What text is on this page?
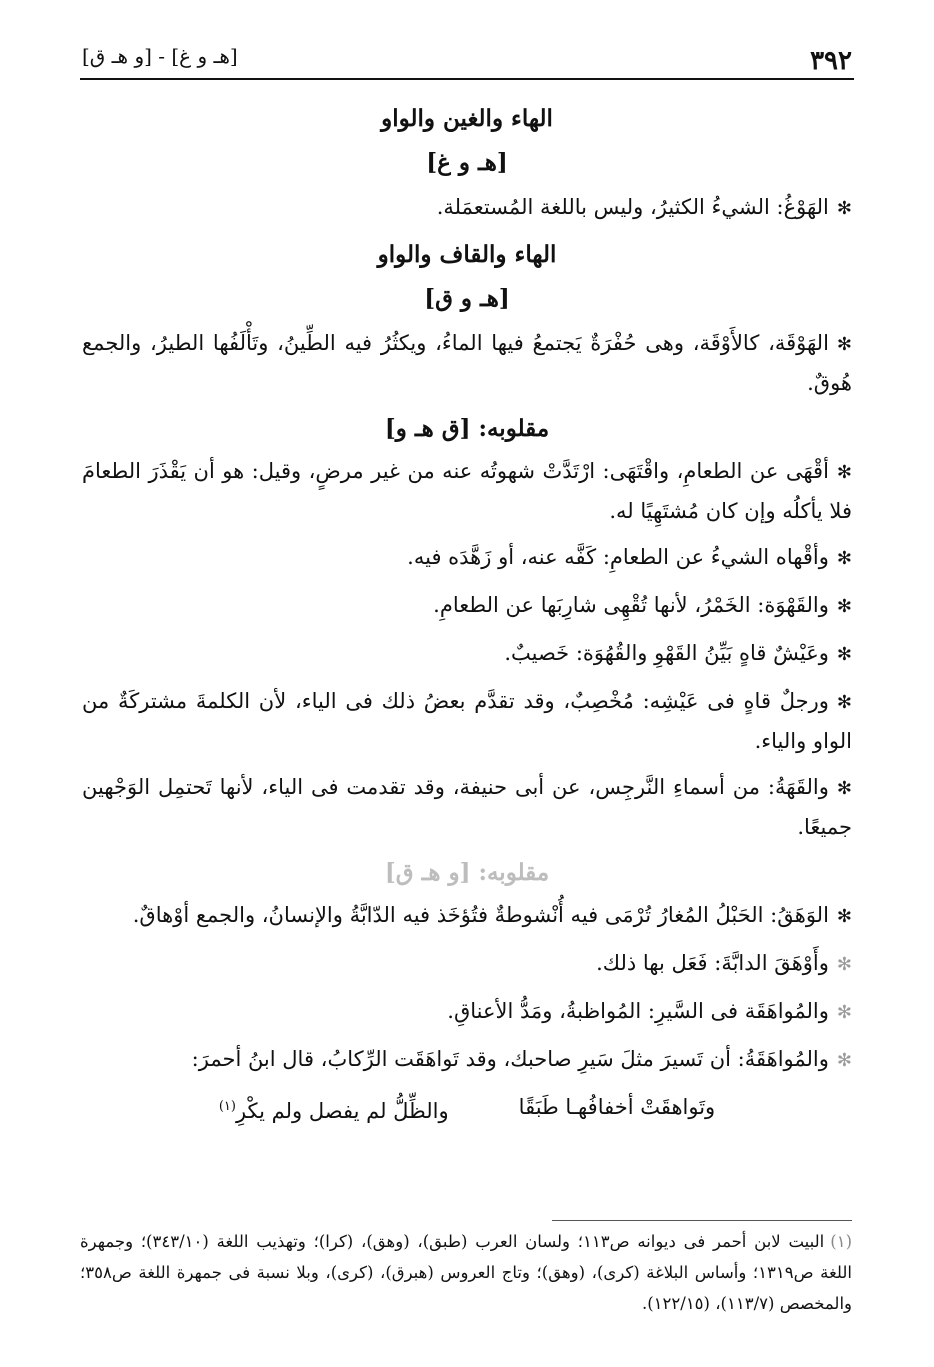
٣٩٢
[هـ و غ] - [و هـ ق]
الهاء والغين والواو
[هـ و غ]

✻الهَوْغُ: الشيءُ الكثيرُ، وليس باللغة المُستعمَلة.

الهاء والقاف والواو
[هـ و ق]

✻الهَوْقَة، كالأَوْقَة، وهى حُفْرَةٌ يَجتمعُ فيها الماءُ، ويكثُرُ فيه الطِّينُ، وتَأْلَفُها الطيرُ، والجمع هُوقٌ.

مقلوبه: [ق هـ و]

✻أقْهَى عن الطعامِ، واقْتَهَى: ارْتَدَّتْ شهوتُه عنه من غير مرضٍ، وقيل: هو أن يَقْذَرَ الطعامَ فلا يأكلُه وإن كان مُشتَهِيًا له.

✻وأقْهاه الشيءُ عن الطعامِ: كَفَّه عنه، أو زَهَّدَه فيه.

✻والقَهْوَة: الخَمْرُ، لأنها تُقْهِى شارِبَها عن الطعامِ.

✻وعَيْشٌ قاهٍ بَيِّنُ القَهْوِ والقُهُوَة: خَصيبٌ.

✻ورجلٌ قاهٍ فى عَيْشِه: مُخْصِبٌ، وقد تقدَّم بعضُ ذلك فى الياء، لأن الكلمةَ مشتركَةٌ من الواو والياء.

✻والقَهَةُ: من أسماءِ النَّرجِس، عن أبى حنيفة، وقد تقدمت فى الياء، لأنها تَحتمِل الوَجْهين جميعًا.

مقلوبه: [و هـ ق]

✻الوَهَقُ: الحَبْلُ المُغارُ تُرْمَى فيه أُنْشوطةٌ فتُؤخَذ فيه الدّابَّةُ والإنسانُ، والجمع أوْهاقٌ.

✻وأَوْهَقَ الدابَّةَ: فَعَل بها ذلك.

✻والمُواهَقَة فى السَّيرِ: المُواظبةُ، ومَدُّ الأعناقِ.

✻والمُواهَقَةُ: أن تَسيرَ مثلَ سَيرِ صاحبك، وقد تَواهَقَت الرِّكابُ، قال ابنُ أحمرَ:

وتَواهقَتْ أخفافُهـا طَبَقًا
والظِّلُّ لم يفصل ولم يكْرِ$^{(١)}$
(١)البيت لابن أحمر فى ديوانه ص١١٣؛ ولسان العرب (طبق)، (وهق)، (كرا)؛ وتهذيب اللغة (٣٤٣/١٠)؛ وجمهرة اللغة ص١٣١٩؛ وأساس البلاغة (كرى)، (وهق)؛ وتاج العروس (هبرق)، (كرى)، وبلا نسبة فى جمهرة اللغة ص٣٥٨؛ والمخصص (١١٣/٧)، (١٢٢/١٥).
